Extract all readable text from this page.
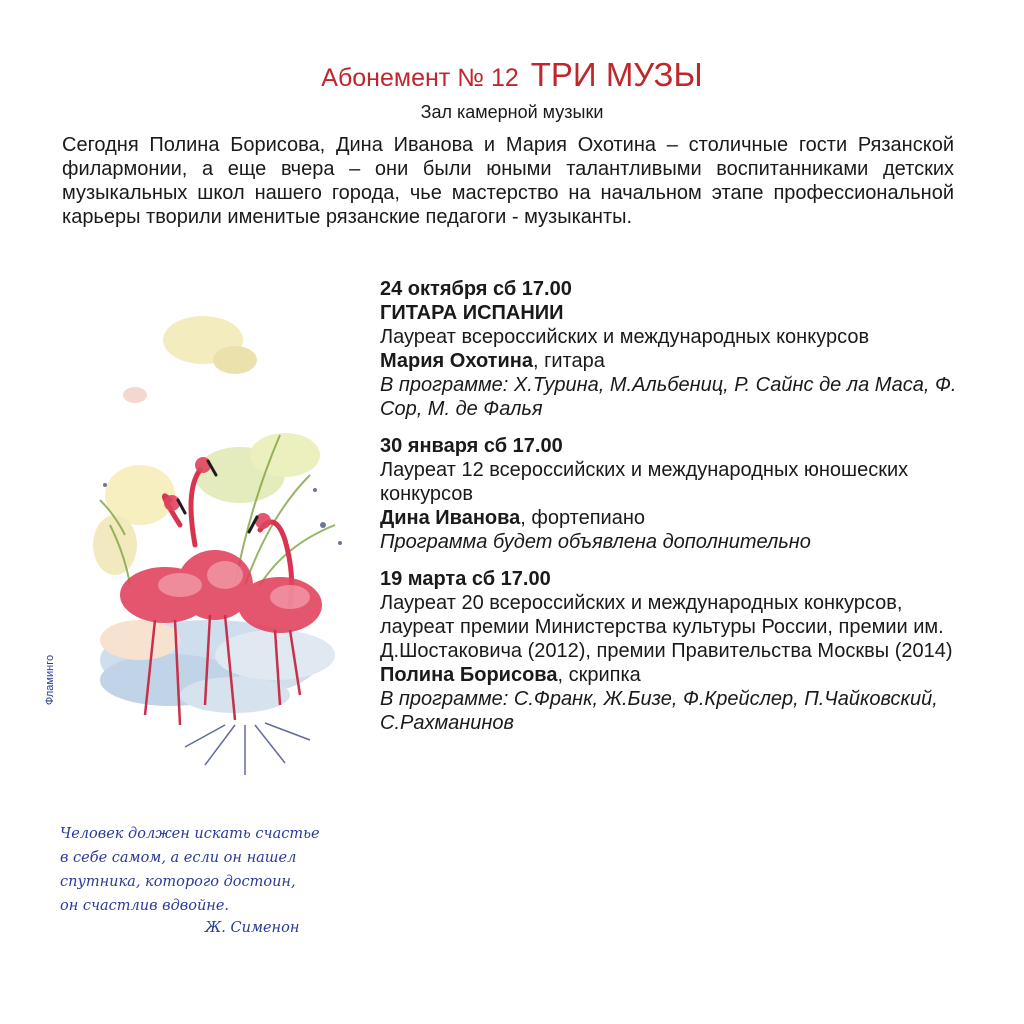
Абонемент № 12 ТРИ МУЗЫ
Зал камерной музыки
Сегодня Полина Борисова, Дина Иванова и Мария Охотина – столичные гости Рязанской филармонии, а еще вчера – они были юными талантливыми воспитанниками детских музыкальных школ нашего города, чье мастерство на начальном этапе профессиональной карьеры творили именитые рязанские педагоги - музыканты.
24 октября сб 17.00
ГИТАРА ИСПАНИИ
Лауреат всероссийских и международных конкурсов
Мария Охотина, гитара
В программе: Х.Турина, М.Альбениц, Р. Сайнс де ла Маса, Ф. Сор, М. де Фалья
30 января сб 17.00
Лауреат 12 всероссийских и международных юношеских конкурсов
Дина Иванова, фортепиано
Программа будет объявлена дополнительно
19 марта сб 17.00
Лауреат 20 всероссийских и международных конкурсов, лауреат премии Министерства культуры России, премии им. Д.Шостаковича (2012), премии Правительства Москвы (2014)
Полина Борисова, скрипка
В программе: С.Франк, Ж.Бизе, Ф.Крейслер, П.Чайковский, С.Рахманинов
Фламинго
Человек должен искать счастье
в себе самом, а если он нашел
спутника, которого достоин,
он счастлив вдвойне.
Ж. Сименон
